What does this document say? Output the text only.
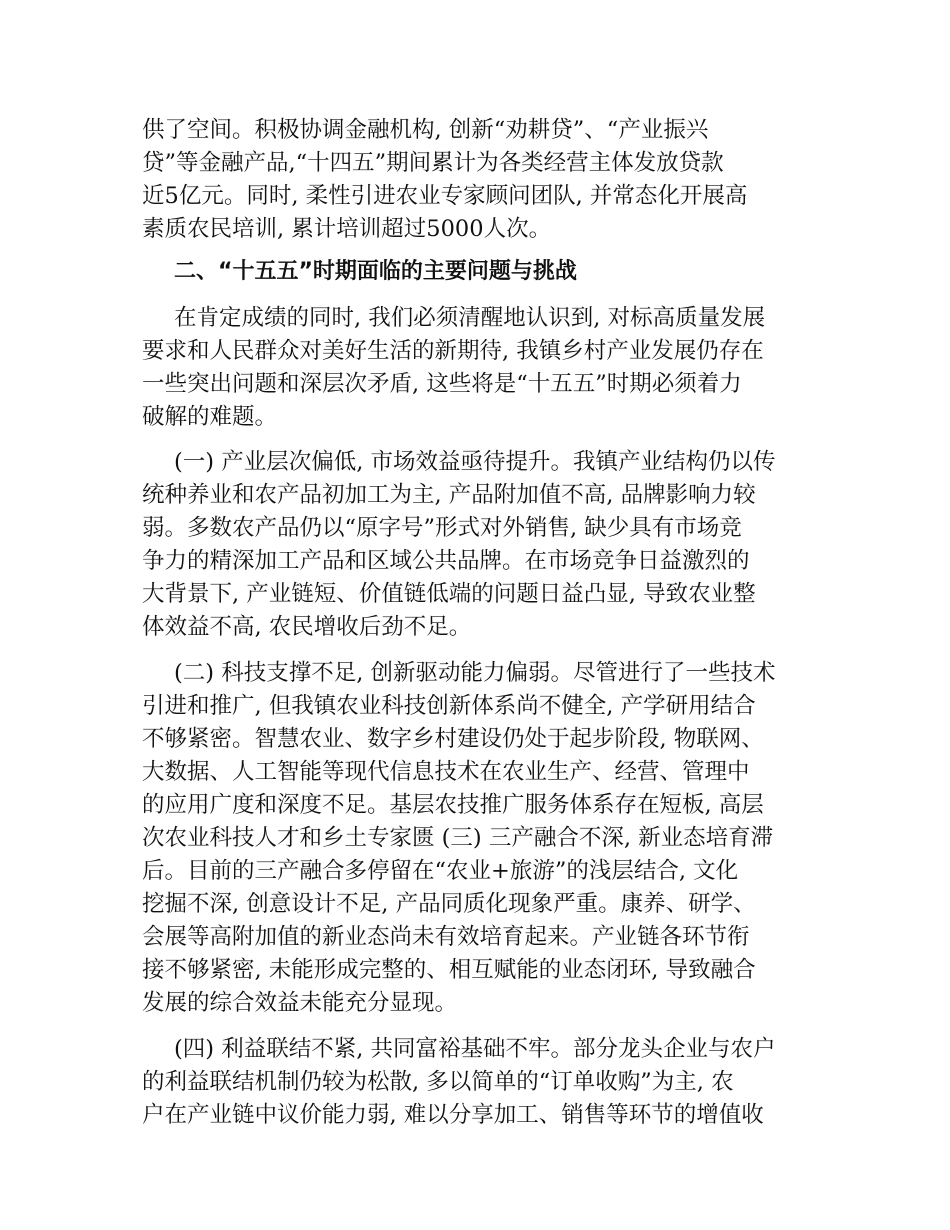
供了空间。积极协调金融机构, 创新“劝耕贷”、“产业振兴
贷”等金融产品,“十四五”期间累计为各类经营主体发放贷款
近5亿元。同时, 柔性引进农业专家顾问团队, 并常态化开展高
素质农民培训, 累计培训超过5000人次。
二、“十五五”时期面临的主要问题与挑战
在肯定成绩的同时, 我们必须清醒地认识到, 对标高质量发展
要求和人民群众对美好生活的新期待, 我镇乡村产业发展仍存在
一些突出问题和深层次矛盾, 这些将是“十五五”时期必须着力
破解的难题。
(一) 产业层次偏低, 市场效益亟待提升。我镇产业结构仍以传
统种养业和农产品初加工为主, 产品附加值不高, 品牌影响力较
弱。多数农产品仍以“原字号”形式对外销售, 缺少具有市场竞
争力的精深加工产品和区域公共品牌。在市场竞争日益激烈的
大背景下, 产业链短、价值链低端的问题日益凸显, 导致农业整
体效益不高, 农民增收后劲不足。
(二) 科技支撑不足, 创新驱动能力偏弱。尽管进行了一些技术
引进和推广, 但我镇农业科技创新体系尚不健全, 产学研用结合
不够紧密。智慧农业、数字乡村建设仍处于起步阶段, 物联网、
大数据、人工智能等现代信息技术在农业生产、经营、管理中
的应用广度和深度不足。基层农技推广服务体系存在短板, 高层
次农业科技人才和乡土专家匮 (三) 三产融合不深, 新业态培育滞
后。目前的三产融合多停留在“农业+旅游”的浅层结合, 文化
挖掘不深, 创意设计不足, 产品同质化现象严重。康养、研学、
会展等高附加值的新业态尚未有效培育起来。产业链各环节衔
接不够紧密, 未能形成完整的、相互赋能的业态闭环, 导致融合
发展的综合效益未能充分显现。
(四) 利益联结不紧, 共同富裕基础不牢。部分龙头企业与农户
的利益联结机制仍较为松散, 多以简单的“订单收购”为主, 农
户在产业链中议价能力弱, 难以分享加工、销售等环节的增值收
